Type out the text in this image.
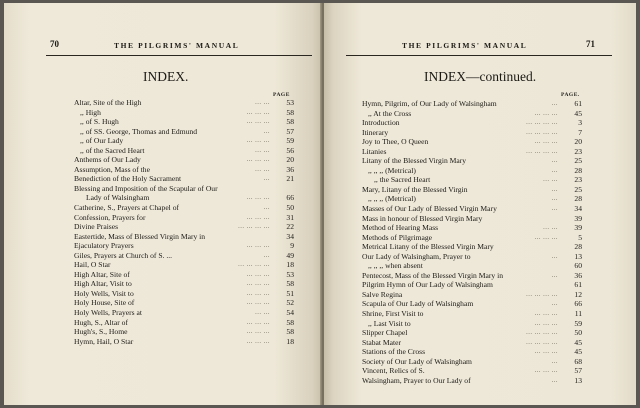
70	THE PILGRIMS' MANUAL
INDEX.
PAGE
Altar, Site of the High	... ...	53
,, High	... ... ...	58
,, of S. Hugh	... ... ...	58
,, of SS. George, Thomas and Edmund	...	57
,, of Our Lady	... ... ...	59
,, of the Sacred Heart	... ...	56
Anthems of Our Lady	... ... ...	20
Assumption, Mass of the	... ...	36
Benediction of the Holy Sacrament	...	21
Blessing and Imposition of the Scapular of Our
Lady of Walsingham	... ... ...	66
Catherine, S., Prayers at Chapel of	...	50
Confession, Prayers for	... ... ...	31
Divine Praises	... ... ... ...	22
Eastertide, Mass of Blessed Virgin Mary in	34
Ejaculatory Prayers	... ... ...	9
Giles, Prayers at Church of S. ...	...	49
Hail, O Star	... ... ... ...	18
High Altar, Site of	... ... ...	53
High Altar, Visit to	... ... ...	58
Holy Wells, Visit to	... ... ...	51
Holy House, Site of	... ... ...	52
Holy Wells, Prayers at	... ...	54
Hugh, S., Altar of	... ... ...	58
Hugh's, S., Home	... ... ...	58
Hymn, Hail, O Star	... ... ...	18
THE PILGRIMS' MANUAL	71
INDEX—continued.
PAGE.
Hymn, Pilgrim, of Our Lady of Walsingham	...	61
,, At the Cross	... ... ...	45
Introduction	... ... ... ...	3
Itinerary	... ... ... ...	7
Joy to Thee, O Queen	... ... ...	20
Litanies	... ... ... ...	23
Litany of the Blessed Virgin Mary	...	25
,, ,, ,, (Metrical)	...	28
,, the Sacred Heart	... ...	23
Mary, Litany of the Blessed Virgin	...	25
,, ,, ,, (Metrical)	...	28
Masses of Our Lady of Blessed Virgin Mary	...	34
Mass in honour of Blessed Virgin Mary	39
Method of Hearing Mass	... ...	39
Methods of Pilgrimage	... ... ...	5
Metrical Litany of the Blessed Virgin Mary	28
Our Lady of Walsingham, Prayer to	...	13
,, ,, ,, when absent	60
Pentecost, Mass of the Blessed Virgin Mary in	...	36
Pilgrim Hymn of Our Lady of Walsingham	61
Salve Regina	... ... ... ...	12
Scapula of Our Lady of Walsingham	...	66
Shrine, First Visit to	... ... ...	11
,, Last Visit to	... ... ...	59
Slipper Chapel	... ... ... ...	50
Stabat Mater	... ... ... ...	45
Stations of the Cross	... ... ...	45
Society of Our Lady of Walsingham	...	68
Vincent, Relics of S.	... ... ...	57
Walsingham, Prayer to Our Lady of	...	13
